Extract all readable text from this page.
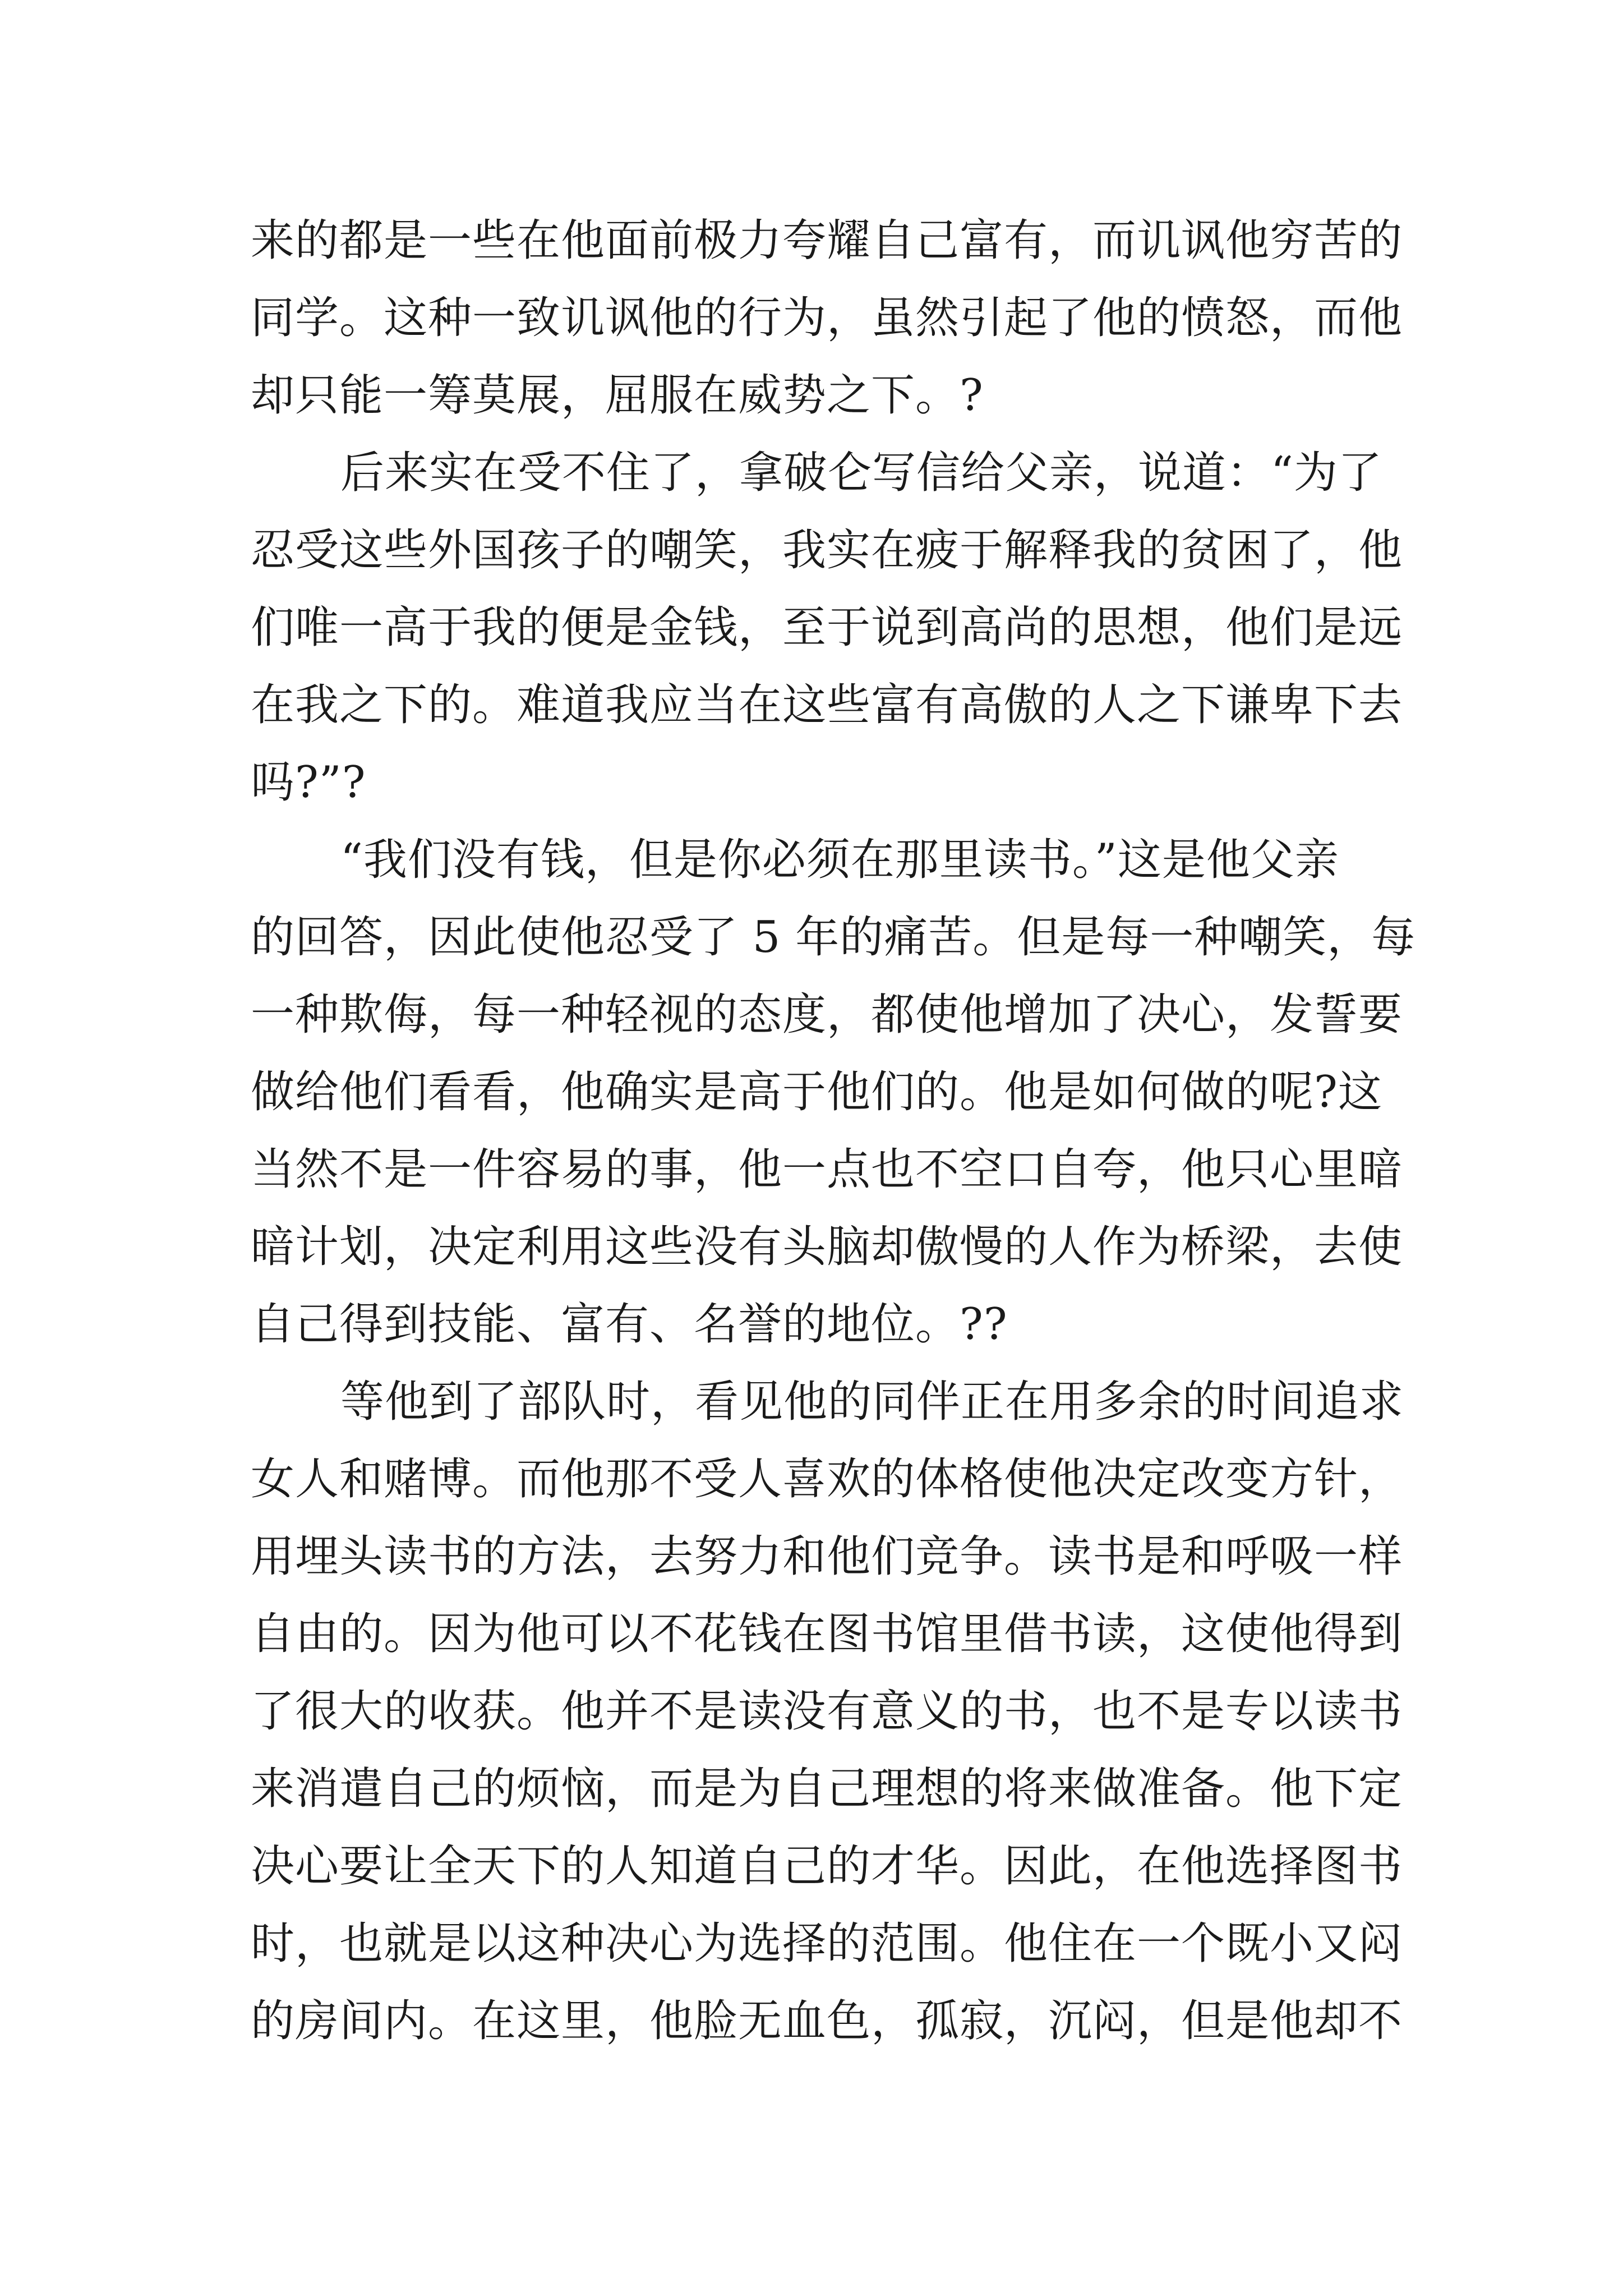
来的都是一些在他面前极力夸耀自己富有，而讥讽他穷苦的
同学。这种一致讥讽他的行为，虽然引起了他的愤怒，而他
却只能一筹莫展，屈服在威势之下。?
后来实在受不住了，拿破仑写信给父亲，说道：“为了
忍受这些外国孩子的嘲笑，我实在疲于解释我的贫困了，他
们唯一高于我的便是金钱，至于说到高尚的思想，他们是远
在我之下的。难道我应当在这些富有高傲的人之下谦卑下去
吗?”?
“我们没有钱，但是你必须在那里读书。”这是他父亲
的回答，因此使他忍受了 5 年的痛苦。但是每一种嘲笑，每
一种欺侮，每一种轻视的态度，都使他增加了决心，发誓要
做给他们看看，他确实是高于他们的。他是如何做的呢?这
当然不是一件容易的事，他一点也不空口自夸，他只心里暗
暗计划，决定利用这些没有头脑却傲慢的人作为桥梁，去使
自己得到技能、富有、名誉的地位。??
等他到了部队时，看见他的同伴正在用多余的时间追求
女人和赌博。而他那不受人喜欢的体格使他决定改变方针，
用埋头读书的方法，去努力和他们竞争。读书是和呼吸一样
自由的。因为他可以不花钱在图书馆里借书读，这使他得到
了很大的收获。他并不是读没有意义的书，也不是专以读书
来消遣自己的烦恼，而是为自己理想的将来做准备。他下定
决心要让全天下的人知道自己的才华。因此，在他选择图书
时，也就是以这种决心为选择的范围。他住在一个既小又闷
的房间内。在这里，他脸无血色，孤寂，沉闷，但是他却不
